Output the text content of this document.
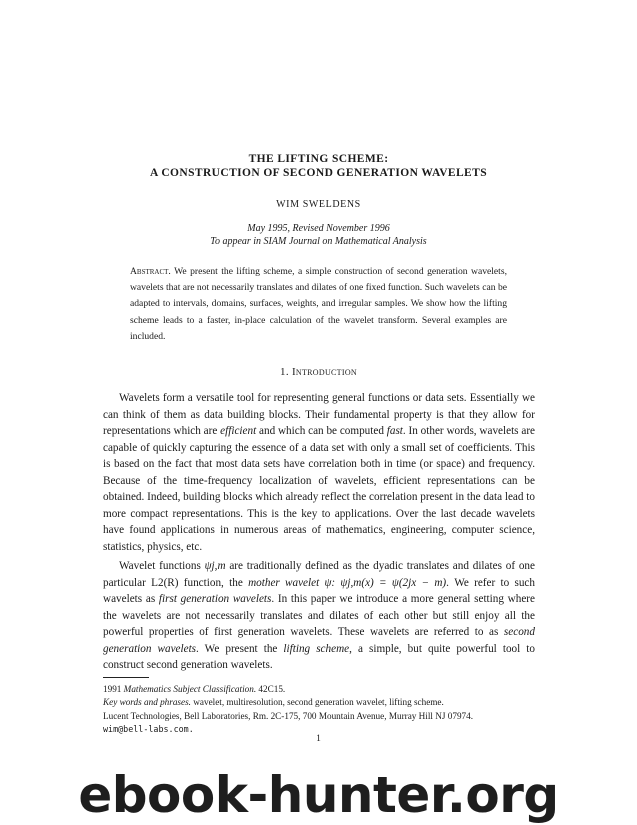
THE LIFTING SCHEME:
A CONSTRUCTION OF SECOND GENERATION WAVELETS
WIM SWELDENS
May 1995, Revised November 1996
To appear in SIAM Journal on Mathematical Analysis
Abstract. We present the lifting scheme, a simple construction of second generation wavelets, wavelets that are not necessarily translates and dilates of one fixed function. Such wavelets can be adapted to intervals, domains, surfaces, weights, and irregular samples. We show how the lifting scheme leads to a faster, in-place calculation of the wavelet transform. Several examples are included.
1. Introduction

Wavelets form a versatile tool for representing general functions or data sets. Essentially we can think of them as data building blocks. Their fundamental property is that they allow for representations which are efficient and which can be computed fast. In other words, wavelets are capable of quickly capturing the essence of a data set with only a small set of coefficients. This is based on the fact that most data sets have correlation both in time (or space) and frequency. Because of the time-frequency localization of wavelets, efficient representations can be obtained. Indeed, building blocks which already reflect the correlation present in the data lead to more compact representations. This is the key to applications. Over the last decade wavelets have found applications in numerous areas of mathematics, engineering, computer science, statistics, physics, etc.

Wavelet functions ψj,m are traditionally defined as the dyadic translates and dilates of one particular L2(R) function, the mother wavelet ψ: ψj,m(x) = ψ(2jx − m). We refer to such wavelets as first generation wavelets. In this paper we introduce a more general setting where the wavelets are not necessarily translates and dilates of each other but still enjoy all the powerful properties of first generation wavelets. These wavelets are referred to as second generation wavelets. We present the lifting scheme, a simple, but quite powerful tool to construct second generation wavelets.

1991 Mathematics Subject Classification. 42C15.
Key words and phrases. wavelet, multiresolution, second generation wavelet, lifting scheme.
Lucent Technologies, Bell Laboratories, Rm. 2C-175, 700 Mountain Avenue, Murray Hill NJ 07974.
wim@bell-labs.com.
1
ebook-hunter.org
